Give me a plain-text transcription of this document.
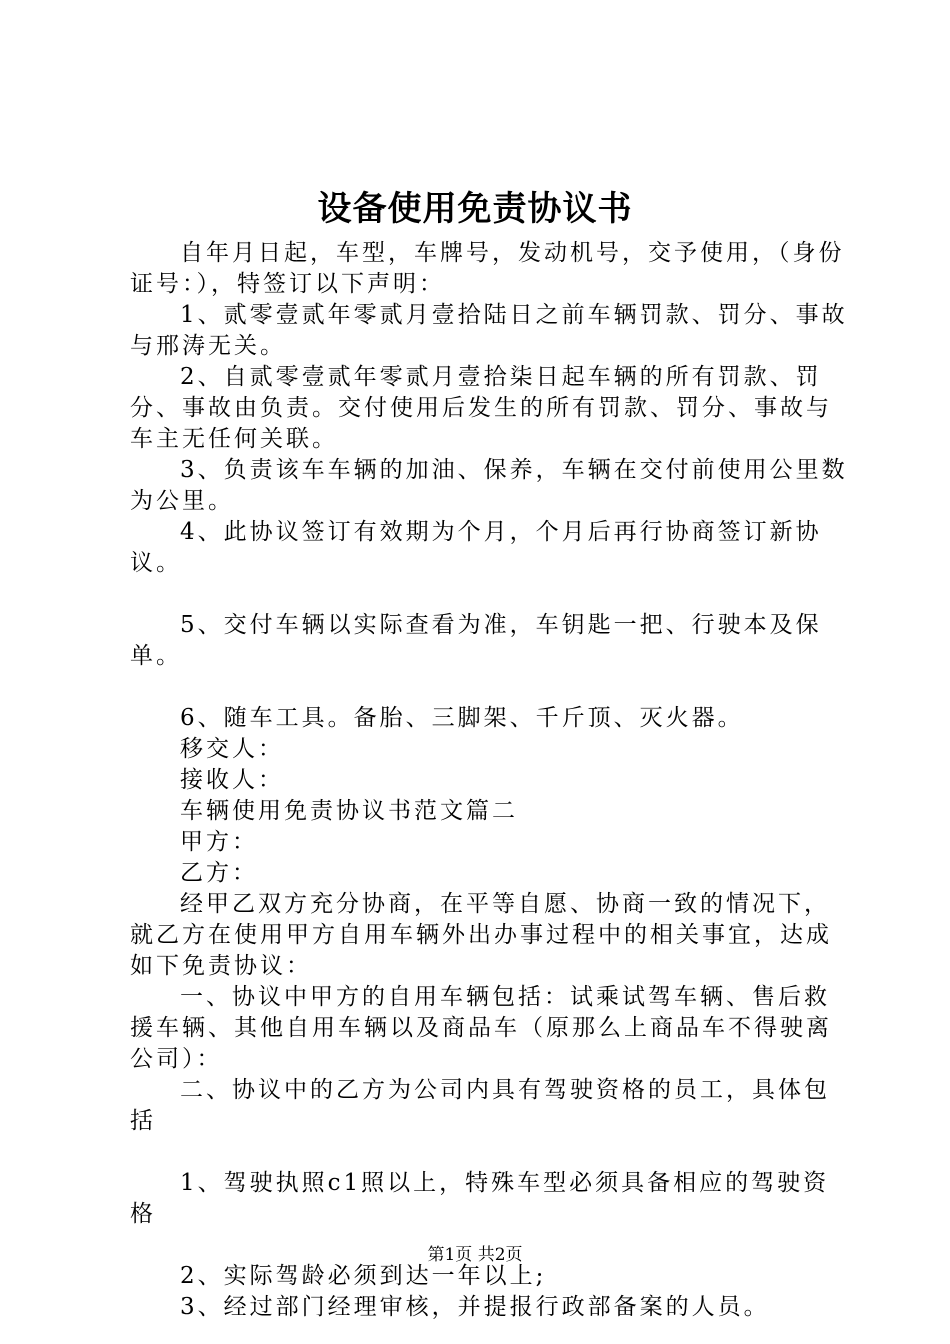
设备使用免责协议书

自年月日起，车型，车牌号，发动机号，交予使用，（身份证号：），特签订以下声明：

1、贰零壹贰年零贰月壹拾陆日之前车辆罚款、罚分、事故与邢涛无关。

2、自贰零壹贰年零贰月壹拾柒日起车辆的所有罚款、罚分、事故由负责。交付使用后发生的所有罚款、罚分、事故与车主无任何关联。

3、负责该车车辆的加油、保养，车辆在交付前使用公里数为公里。

4、此协议签订有效期为个月，个月后再行协商签订新协议。

5、交付车辆以实际查看为准，车钥匙一把、行驶本及保单。

6、随车工具。备胎、三脚架、千斤顶、灭火器。

移交人：

接收人：

车辆使用免责协议书范文篇二

甲方：

乙方：

经甲乙双方充分协商，在平等自愿、协商一致的情况下，就乙方在使用甲方自用车辆外出办事过程中的相关事宜，达成如下免责协议：

一、协议中甲方的自用车辆包括：试乘试驾车辆、售后救援车辆、其他自用车辆以及商品车（原那么上商品车不得驶离公司）：

二、协议中的乙方为公司内具有驾驶资格的员工，具体包括

1、驾驶执照c1照以上，特殊车型必须具备相应的驾驶资格

2、实际驾龄必须到达一年以上;

3、经过部门经理审核，并提报行政部备案的人员。

第1页 共2页
